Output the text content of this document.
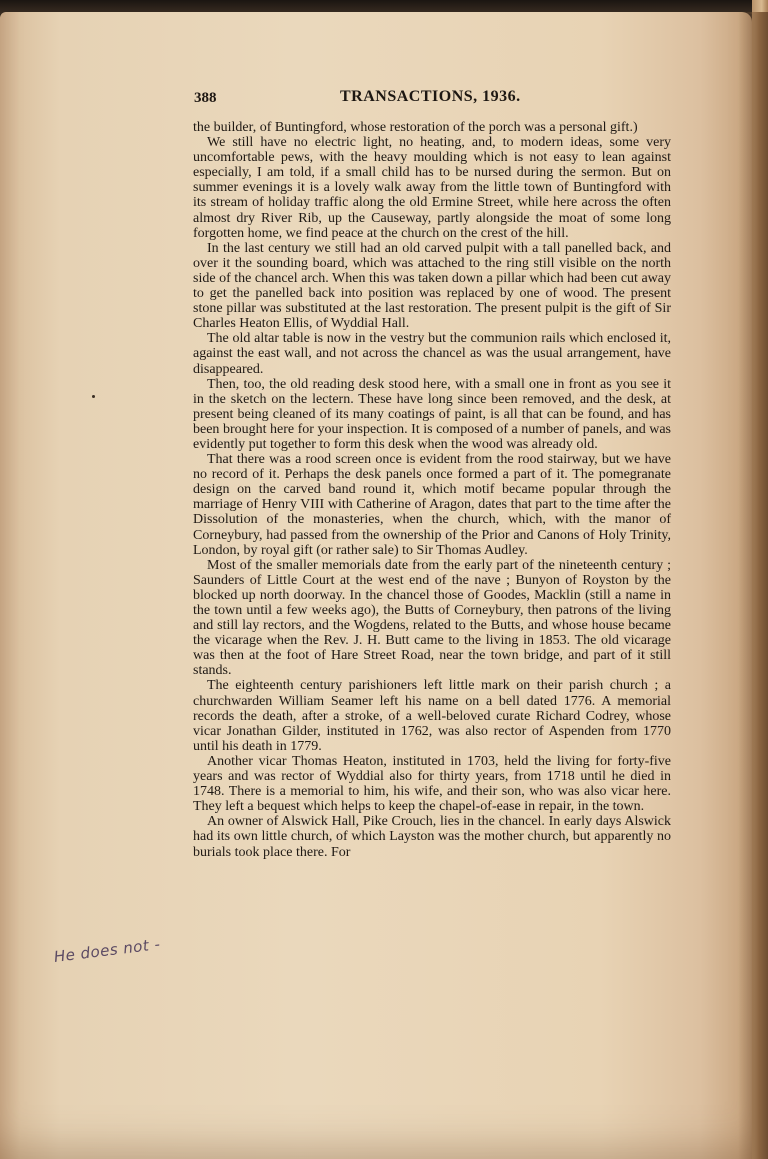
388	TRANSACTIONS, 1936.

the builder, of Buntingford, whose restoration of the porch was a personal gift.)

We still have no electric light, no heating, and, to modern ideas, some very uncomfortable pews, with the heavy moulding which is not easy to lean against especially, I am told, if a small child has to be nursed during the sermon. But on summer evenings it is a lovely walk away from the little town of Buntingford with its stream of holiday traffic along the old Ermine Street, while here across the often almost dry River Rib, up the Causeway, partly alongside the moat of some long forgotten home, we find peace at the church on the crest of the hill.

In the last century we still had an old carved pulpit with a tall panelled back, and over it the sounding board, which was attached to the ring still visible on the north side of the chancel arch. When this was taken down a pillar which had been cut away to get the panelled back into position was replaced by one of wood. The present stone pillar was substituted at the last restoration. The present pulpit is the gift of Sir Charles Heaton Ellis, of Wyddial Hall.

The old altar table is now in the vestry but the communion rails which enclosed it, against the east wall, and not across the chancel as was the usual arrangement, have disappeared.

Then, too, the old reading desk stood here, with a small one in front as you see it in the sketch on the lectern. These have long since been removed, and the desk, at present being cleaned of its many coatings of paint, is all that can be found, and has been brought here for your inspection. It is composed of a number of panels, and was evidently put together to form this desk when the wood was already old.

That there was a rood screen once is evident from the rood stairway, but we have no record of it. Perhaps the desk panels once formed a part of it. The pomegranate design on the carved band round it, which motif became popular through the marriage of Henry VIII with Catherine of Aragon, dates that part to the time after the Dissolution of the monasteries, when the church, which, with the manor of Corneybury, had passed from the ownership of the Prior and Canons of Holy Trinity, London, by royal gift (or rather sale) to Sir Thomas Audley.

Most of the smaller memorials date from the early part of the nineteenth century ; Saunders of Little Court at the west end of the nave ; Bunyon of Royston by the blocked up north doorway. In the chancel those of Goodes, Macklin (still a name in the town until a few weeks ago), the Butts of Corneybury, then patrons of the living and still lay rectors, and the Wogdens, related to the Butts, and whose house became the vicarage when the Rev. J. H. Butt came to the living in 1853. The old vicarage was then at the foot of Hare Street Road, near the town bridge, and part of it still stands.

The eighteenth century parishioners left little mark on their parish church ; a churchwarden William Seamer left his name on a bell dated 1776. A memorial records the death, after a stroke, of a well-beloved curate Richard Codrey, whose vicar Jonathan Gilder, instituted in 1762, was also rector of Aspenden from 1770 until his death in 1779.

Another vicar Thomas Heaton, instituted in 1703, held the living for forty-five years and was rector of Wyddial also for thirty years, from 1718 until he died in 1748. There is a memorial to him, his wife, and their son, who was also vicar here. They left a bequest which helps to keep the chapel-of-ease in repair, in the town.

An owner of Alswick Hall, Pike Crouch, lies in the chancel. In early days Alswick had its own little church, of which Layston was the mother church, but apparently no burials took place there. For

He does not -
